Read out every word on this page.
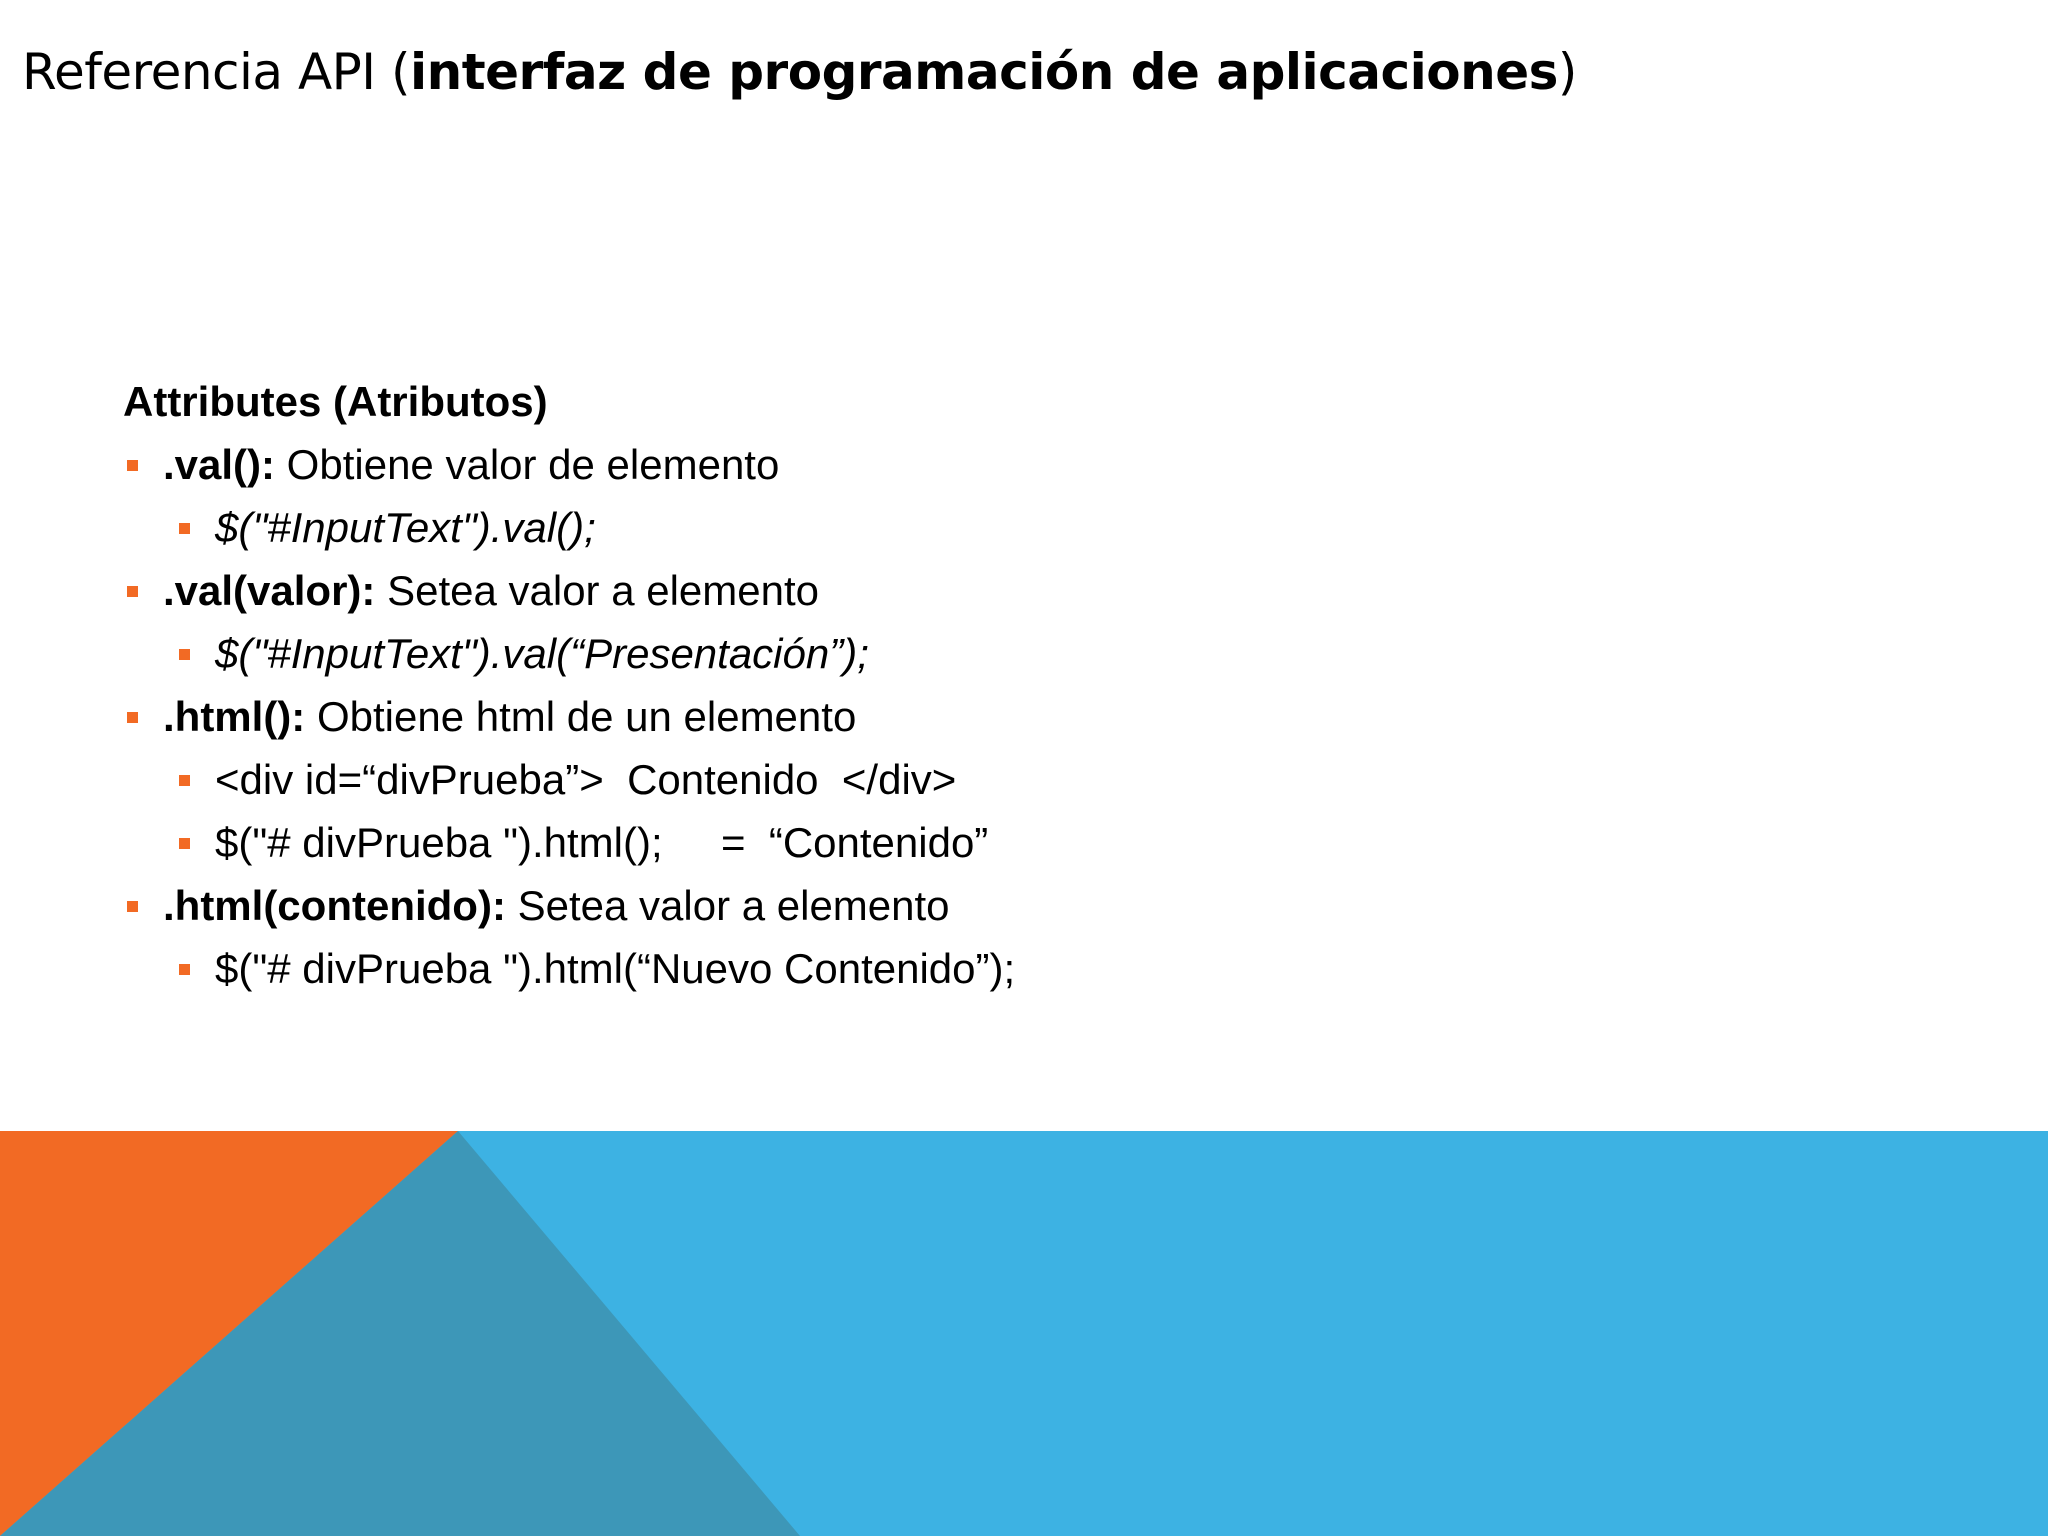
Referencia API (interfaz de programación de aplicaciones)
Attributes (Atributos)
.val(): Obtiene valor de elemento
$("#InputText").val();
.val(valor): Setea valor a elemento
$("#InputText").val(“Presentación”);
.html(): Obtiene html de un elemento
<div id=“divPrueba”>  Contenido  </div>
$("# divPrueba ").html();     =  “Contenido”
.html(contenido): Setea valor a elemento
$("# divPrueba ").html(“Nuevo Contenido”);
